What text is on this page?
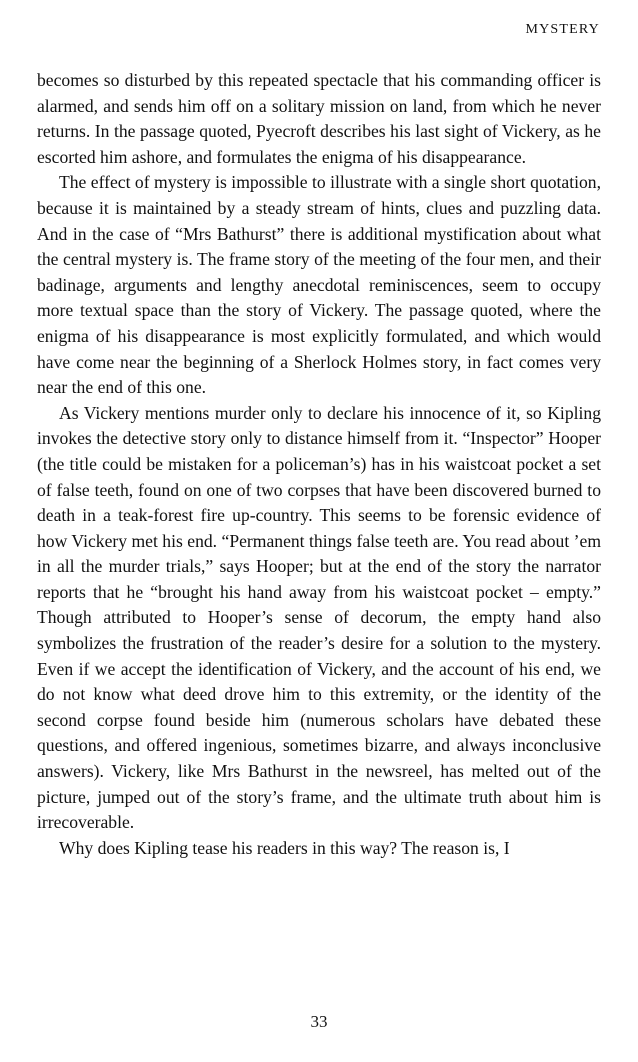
MYSTERY

becomes so disturbed by this repeated spectacle that his commanding officer is alarmed, and sends him off on a solitary mission on land, from which he never returns. In the passage quoted, Pyecroft describes his last sight of Vickery, as he escorted him ashore, and formulates the enigma of his disappearance.

The effect of mystery is impossible to illustrate with a single short quotation, because it is maintained by a steady stream of hints, clues and puzzling data. And in the case of “Mrs Bathurst” there is additional mystification about what the central mystery is. The frame story of the meeting of the four men, and their badinage, arguments and lengthy anecdotal reminiscences, seem to occupy more textual space than the story of Vickery. The passage quoted, where the enigma of his disappearance is most explicitly formulated, and which would have come near the beginning of a Sherlock Holmes story, in fact comes very near the end of this one.

As Vickery mentions murder only to declare his innocence of it, so Kipling invokes the detective story only to distance himself from it. “Inspector” Hooper (the title could be mistaken for a policeman’s) has in his waistcoat pocket a set of false teeth, found on one of two corpses that have been discovered burned to death in a teak-forest fire up-country. This seems to be forensic evidence of how Vickery met his end. “Permanent things false teeth are. You read about ’em in all the murder trials,” says Hooper; but at the end of the story the narrator reports that he “brought his hand away from his waistcoat pocket – empty.” Though attributed to Hooper’s sense of decorum, the empty hand also symbolizes the frustration of the reader’s desire for a solution to the mystery. Even if we accept the identification of Vickery, and the account of his end, we do not know what deed drove him to this extremity, or the identity of the second corpse found beside him (numerous scholars have debated these questions, and offered ingenious, sometimes bizarre, and always inconclusive answers). Vickery, like Mrs Bathurst in the newsreel, has melted out of the picture, jumped out of the story’s frame, and the ultimate truth about him is irrecoverable.

Why does Kipling tease his readers in this way? The reason is, I

33
